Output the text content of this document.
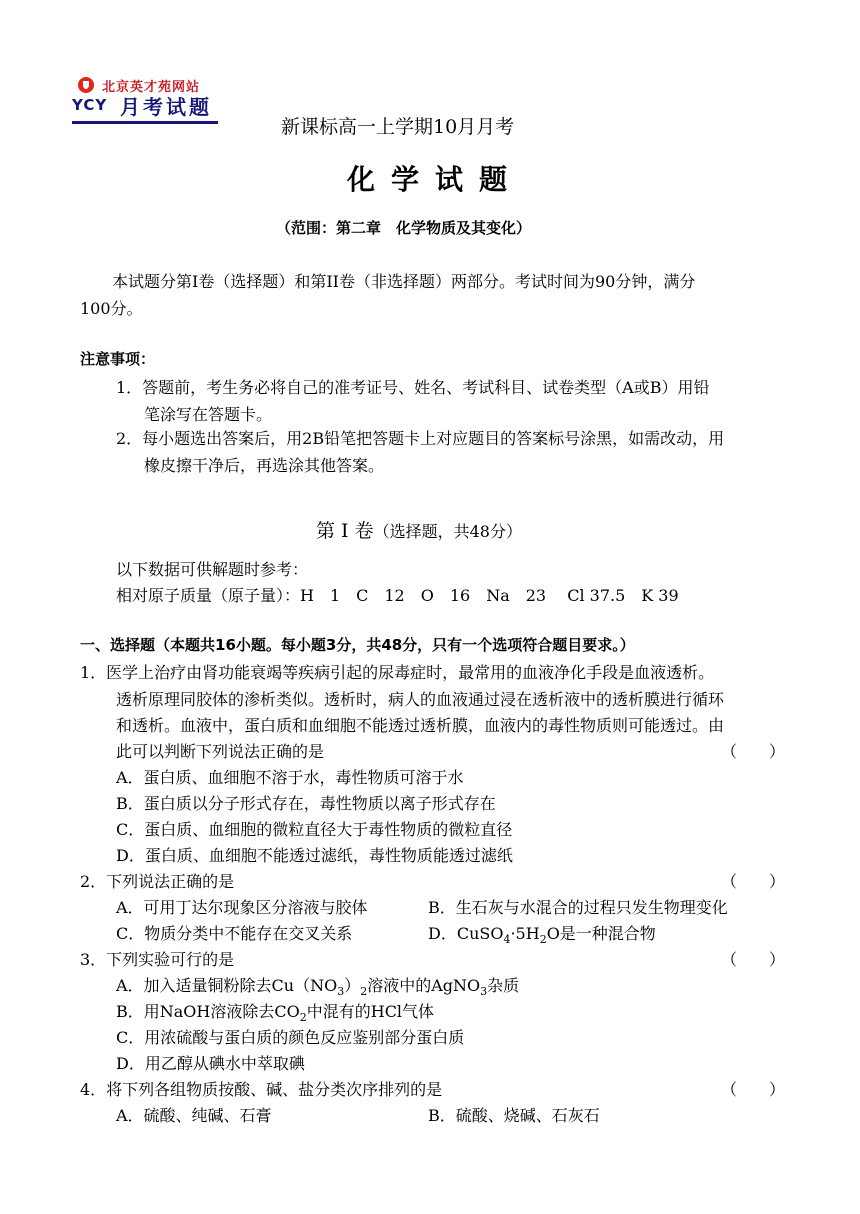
北京英才苑网站
YCY 月考试题
新课标高一上学期10月月考
化学试题
（范围：第二章　化学物质及其变化）
本试题分第I卷（选择题）和第II卷（非选择题）两部分。考试时间为90分钟，满分
100分。
注意事项：
1．答题前，考生务必将自己的准考证号、姓名、考试科目、试卷类型（A或B）用铅
笔涂写在答题卡。
2．每小题选出答案后，用2B铅笔把答题卡上对应题目的答案标号涂黑，如需改动，用
橡皮擦干净后，再选涂其他答案。
第 Ⅰ 卷（选择题，共48分）
以下数据可供解题时参考：
相对原子质量（原子量）：H　1　C　12　O　16　Na　23　 Cl 37.5　K 39
一、选择题（本题共16小题。每小题3分，共48分，只有一个选项符合题目要求。）
1．医学上治疗由肾功能衰竭等疾病引起的尿毒症时，最常用的血液净化手段是血液透析。
透析原理同胶体的渗析类似。透析时，病人的血液通过浸在透析液中的透析膜进行循环
和透析。血液中，蛋白质和血细胞不能透过透析膜，血液内的毒性物质则可能透过。由
此可以判断下列说法正确的是	（　　）
A．蛋白质、血细胞不溶于水，毒性物质可溶于水
B．蛋白质以分子形式存在，毒性物质以离子形式存在
C．蛋白质、血细胞的微粒直径大于毒性物质的微粒直径
D．蛋白质、血细胞不能透过滤纸，毒性物质能透过滤纸
2．下列说法正确的是	（　　）
A．可用丁达尔现象区分溶液与胶体	B．生石灰与水混合的过程只发生物理变化
C．物质分类中不能存在交叉关系	D．$CuSO_4\cdot 5H_2O$是一种混合物
3．下列实验可行的是	（　　）
A．加入适量铜粉除去$Cu(NO_3)_2$溶液中的AgNO$_3$杂质
B．用NaOH溶液除去$CO_2$中混有的HCl气体
C．用浓硫酸与蛋白质的颜色反应鉴别部分蛋白质
D．用乙醇从碘水中萃取碘
4．将下列各组物质按酸、碱、盐分类次序排列的是	（　　）
A．硫酸、纯碱、石膏	B．硫酸、烧碱、石灰石
